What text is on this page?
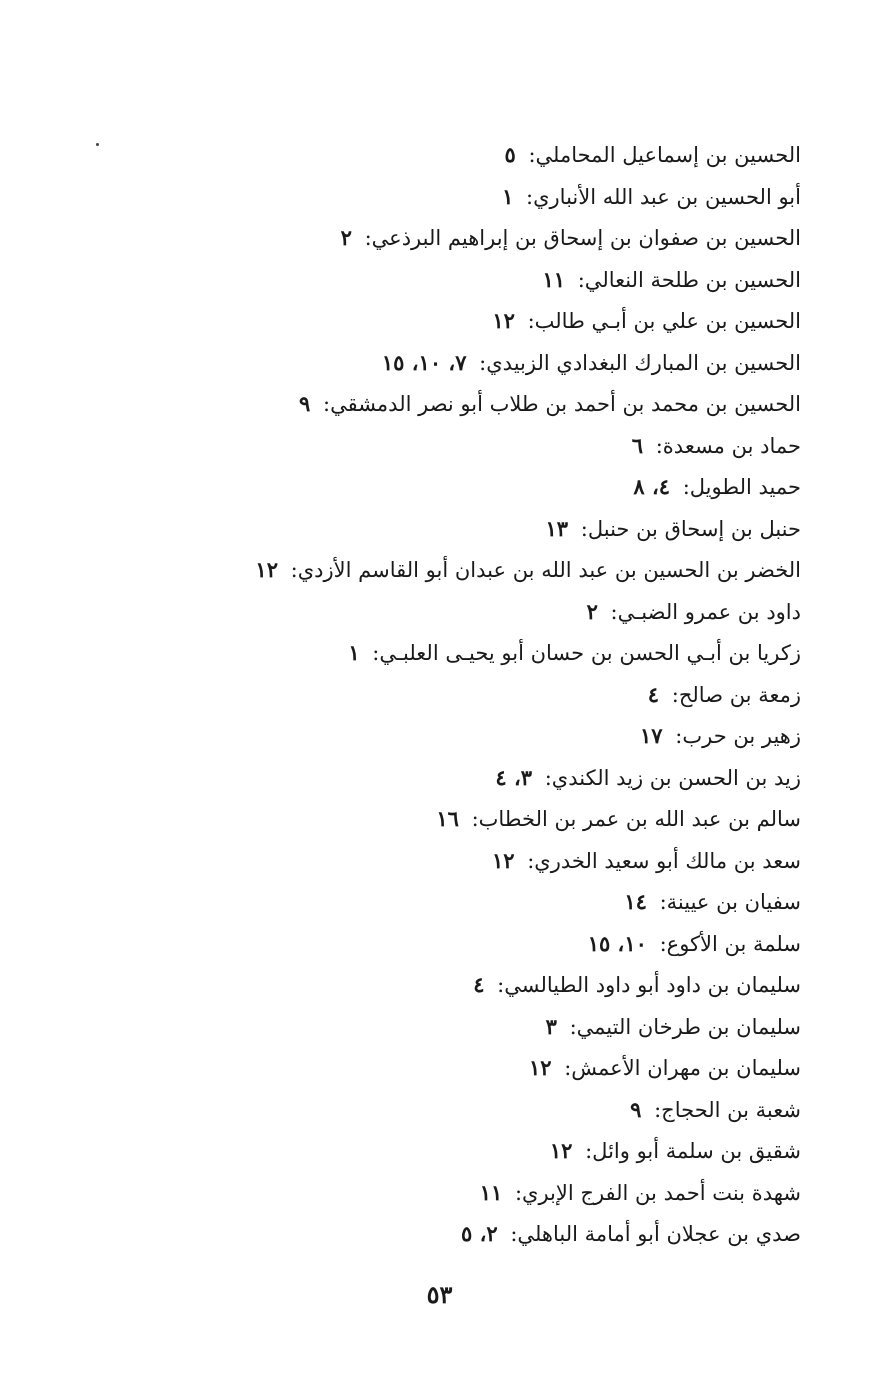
الحسين بن إسماعيل المحاملي: ٥
أبو الحسين بن عبد الله الأنباري: ١
الحسين بن صفوان بن إسحاق بن إبراهيم البرذعي: ٢
الحسين بن طلحة النعالي: ١١
الحسين بن علي بن أبـي طالب: ١٢
الحسين بن المبارك البغدادي الزبيدي: ٧، ١٠، ١٥
الحسين بن محمد بن أحمد بن طلاب أبو نصر الدمشقي: ٩
حماد بن مسعدة: ٦
حميد الطويل: ٤، ٨
حنبل بن إسحاق بن حنبل: ١٣
الخضر بن الحسين بن عبد الله بن عبدان أبو القاسم الأزدي: ١٢
داود بن عمرو الضبـي: ٢
زكريا بن أبـي الحسن بن حسان أبو يحيـى العلبـي: ١
زمعة بن صالح: ٤
زهير بن حرب: ١٧
زيد بن الحسن بن زيد الكندي: ٣، ٤
سالم بن عبد الله بن عمر بن الخطاب: ١٦
سعد بن مالك أبو سعيد الخدري: ١٢
سفيان بن عيينة: ١٤
سلمة بن الأكوع: ١٠، ١٥
سليمان بن داود أبو داود الطيالسي: ٤
سليمان بن طرخان التيمي: ٣
سليمان بن مهران الأعمش: ١٢
شعبة بن الحجاج: ٩
شقيق بن سلمة أبو وائل: ١٢
شهدة بنت أحمد بن الفرج الإبري: ١١
صدي بن عجلان أبو أمامة الباهلي: ٢، ٥
٥٣
